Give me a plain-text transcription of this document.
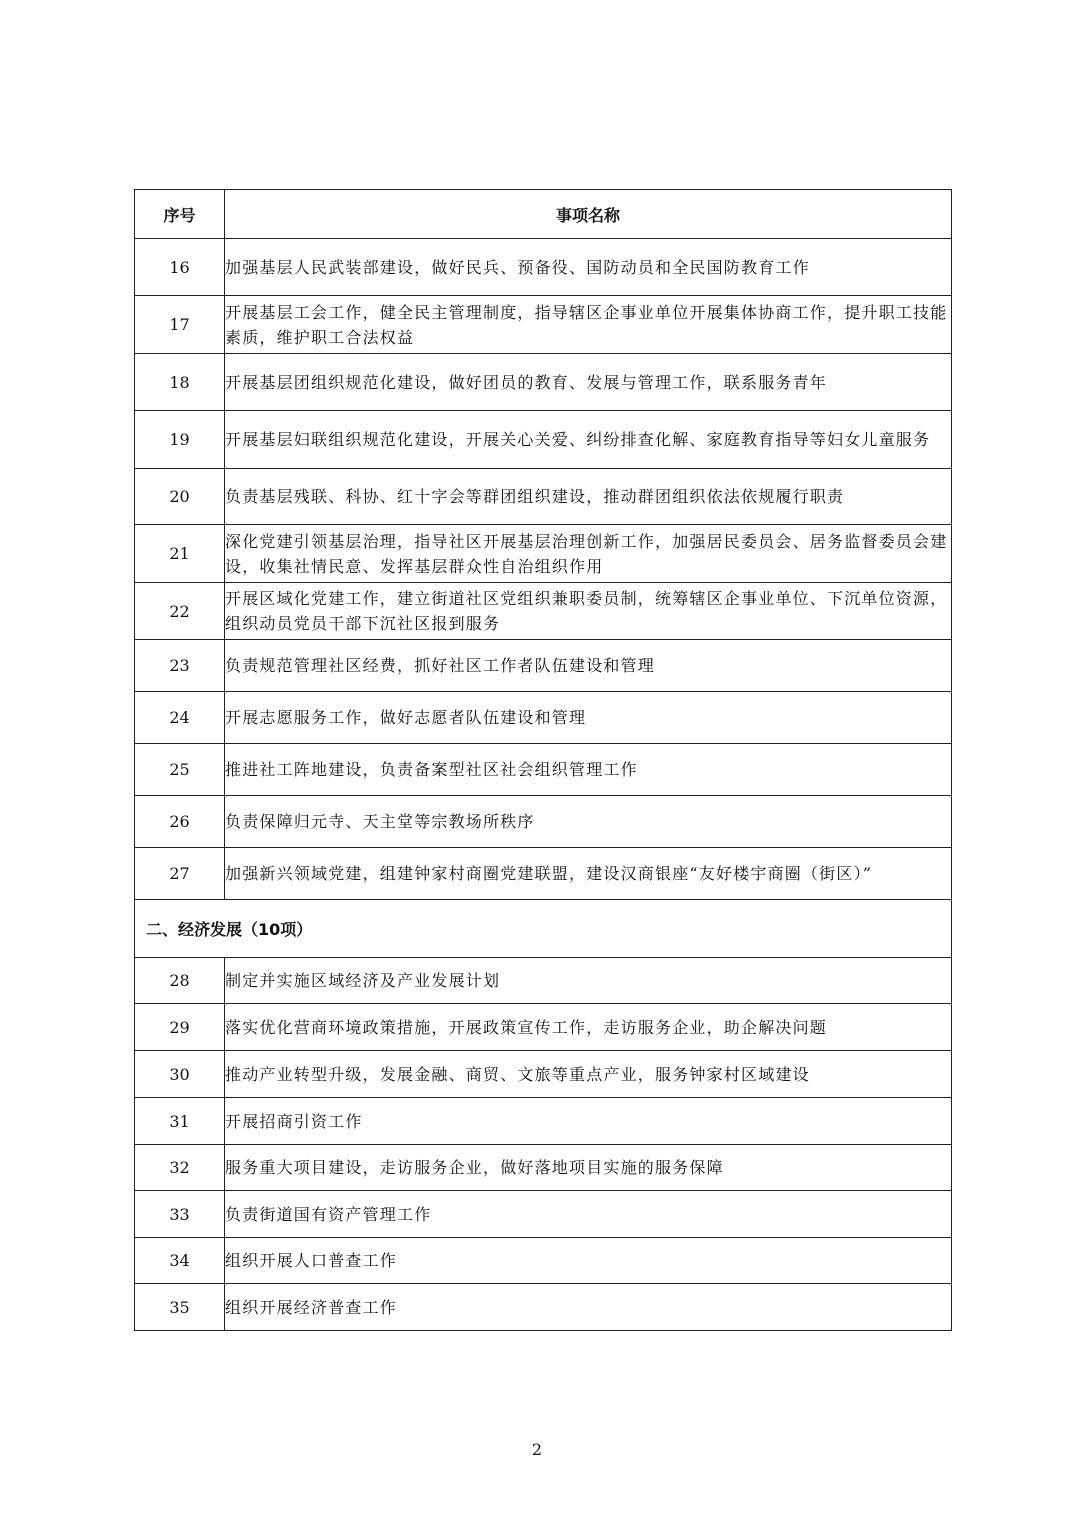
序号	事项名称
16	加强基层人民武装部建设，做好民兵、预备役、国防动员和全民国防教育工作
17	开展基层工会工作，健全民主管理制度，指导辖区企事业单位开展集体协商工作，提升职工技能素质，维护职工合法权益
18	开展基层团组织规范化建设，做好团员的教育、发展与管理工作，联系服务青年
19	开展基层妇联组织规范化建设，开展关心关爱、纠纷排查化解、家庭教育指导等妇女儿童服务
20	负责基层残联、科协、红十字会等群团组织建设，推动群团组织依法依规履行职责
21	深化党建引领基层治理，指导社区开展基层治理创新工作，加强居民委员会、居务监督委员会建设，收集社情民意、发挥基层群众性自治组织作用
22	开展区域化党建工作，建立街道社区党组织兼职委员制，统筹辖区企事业单位、下沉单位资源，组织动员党员干部下沉社区报到服务
23	负责规范管理社区经费，抓好社区工作者队伍建设和管理
24	开展志愿服务工作，做好志愿者队伍建设和管理
25	推进社工阵地建设，负责备案型社区社会组织管理工作
26	负责保障归元寺、天主堂等宗教场所秩序
27	加强新兴领域党建，组建钟家村商圈党建联盟，建设汉商银座“友好楼宇商圈（街区）”
二、经济发展（10项）	
28	制定并实施区域经济及产业发展计划
29	落实优化营商环境政策措施，开展政策宣传工作，走访服务企业，助企解决问题
30	推动产业转型升级，发展金融、商贸、文旅等重点产业，服务钟家村区域建设
31	开展招商引资工作
32	服务重大项目建设，走访服务企业，做好落地项目实施的服务保障
33	负责街道国有资产管理工作
34	组织开展人口普查工作
35	组织开展经济普查工作
2
